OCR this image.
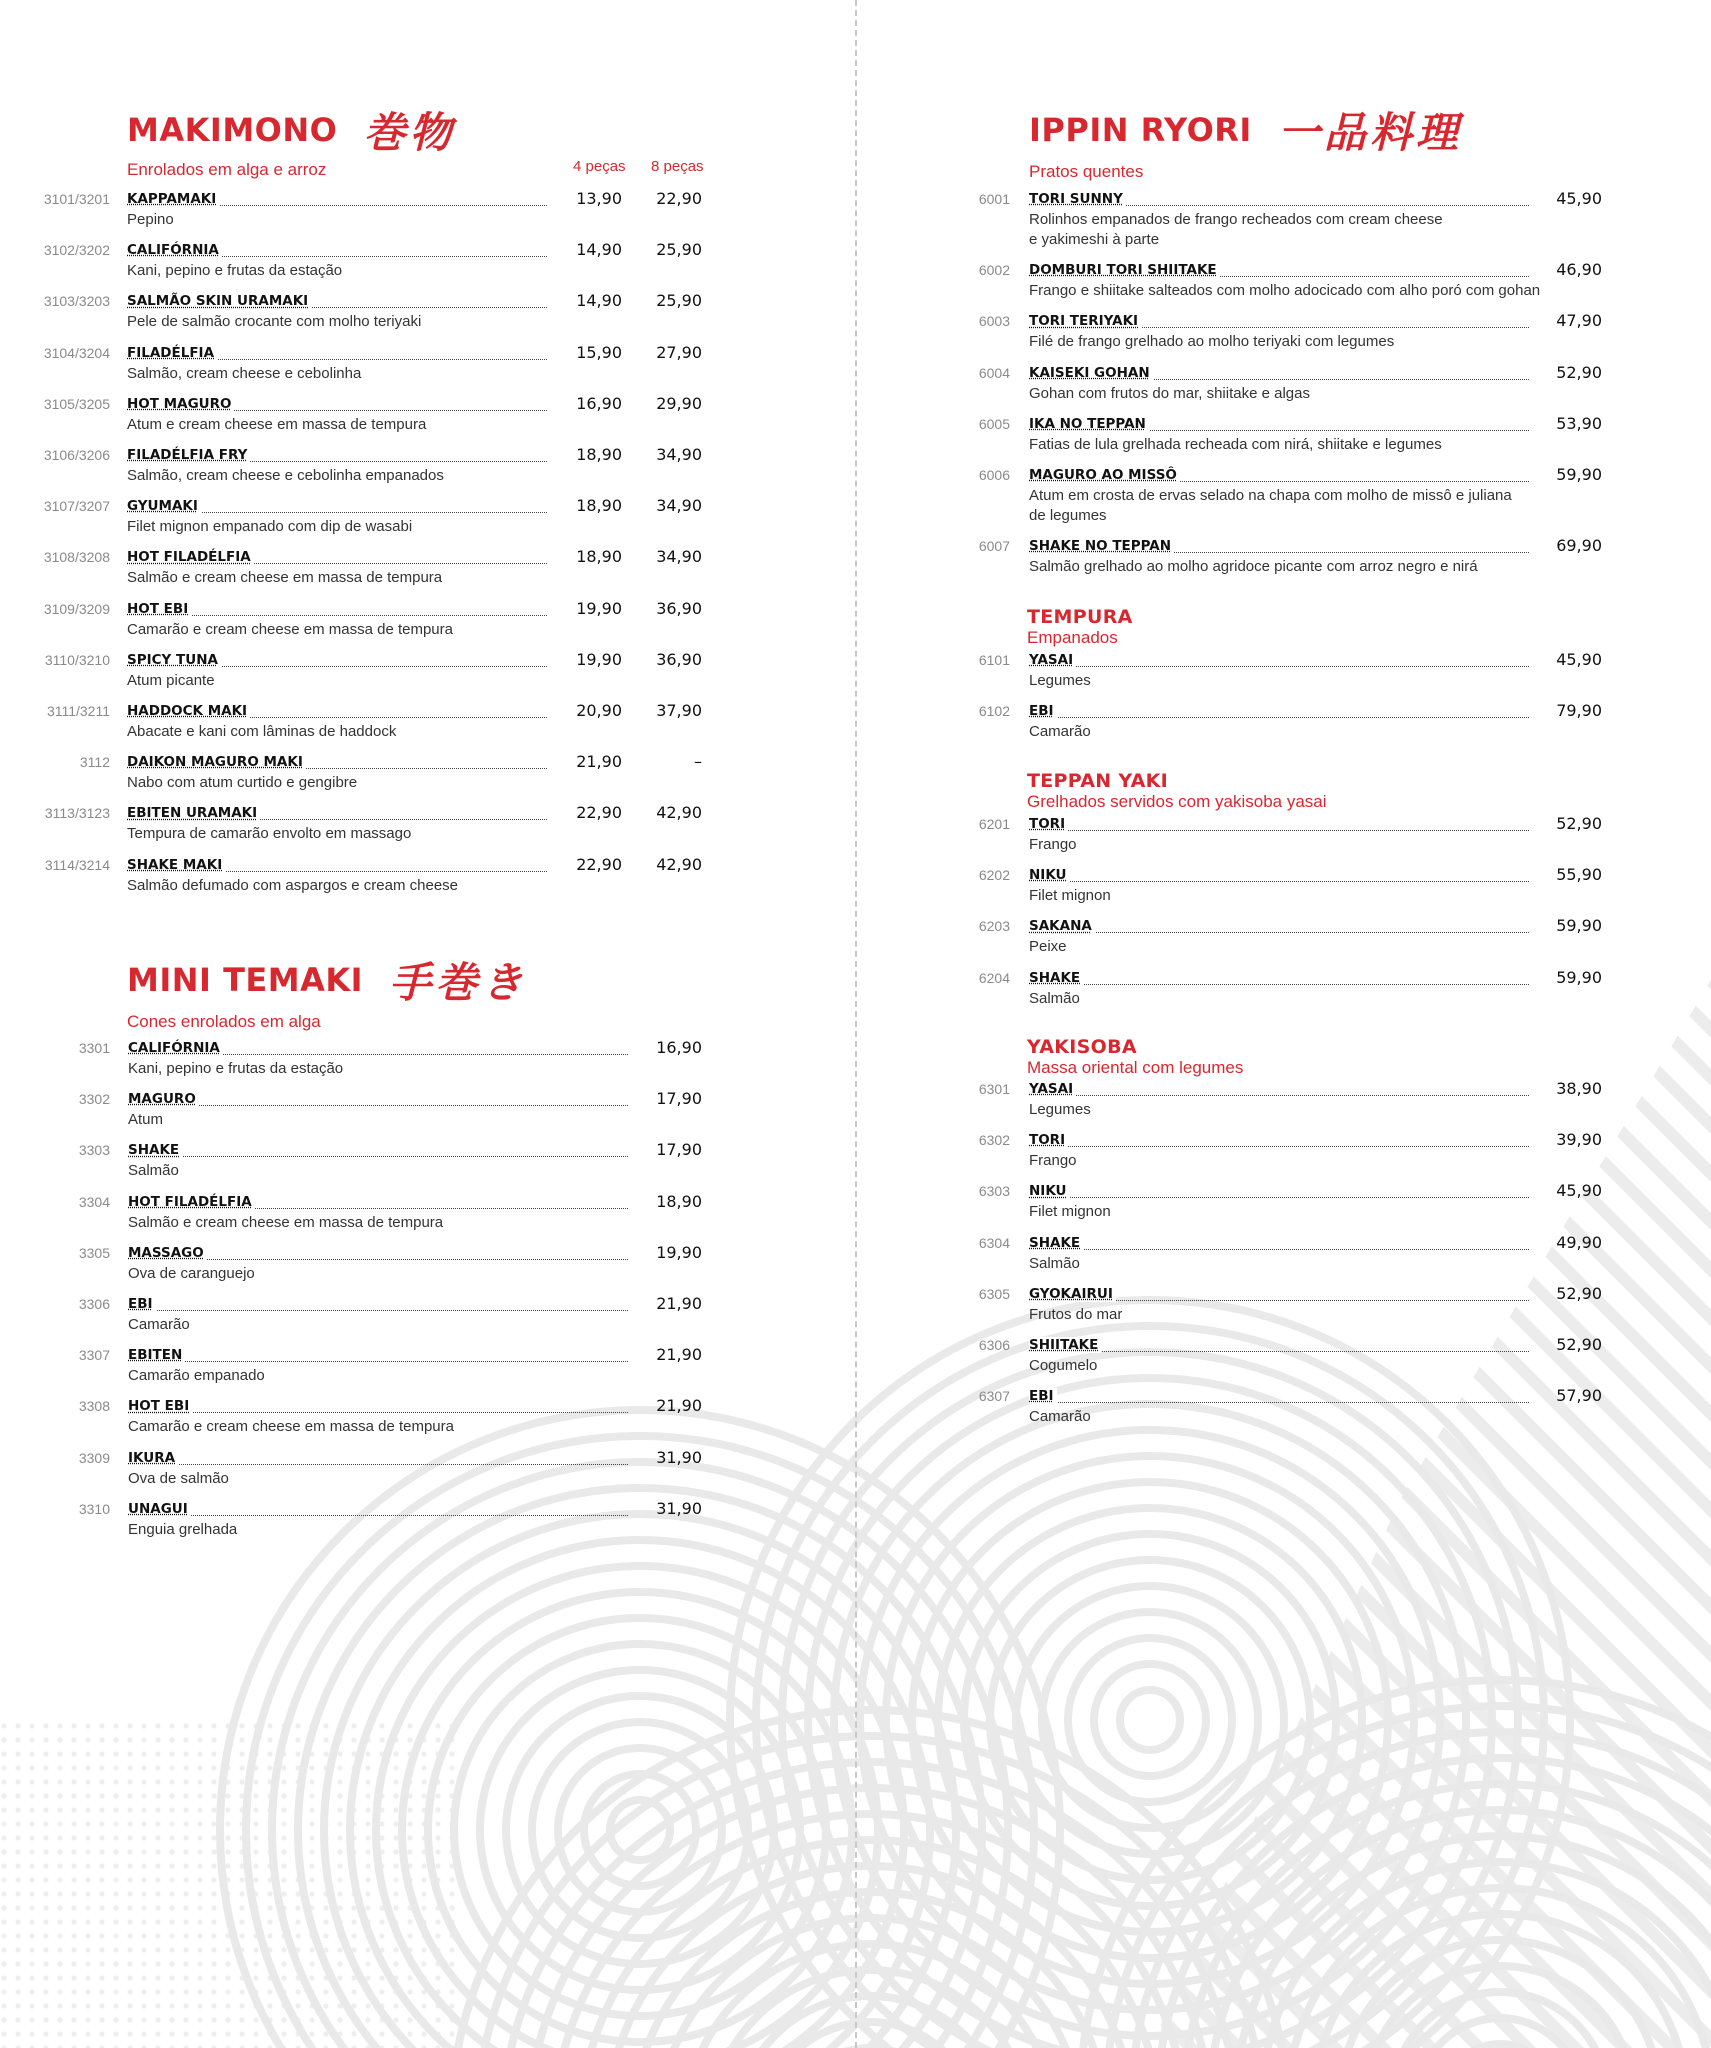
MAKIMONO 巻物
Enrolados em alga e arroz	4 peças 8 peças
3101/3201 KAPPAMAKI
Pepino
13,90	22,90
3102/3202 CALIFÓRNIA
Kani, pepino e frutas da estação
14,90	25,90
3103/3203 SALMÃO SKIN URAMAKI
Pele de salmão crocante com molho teriyaki
14,90	25,90
3104/3204 FILADÉLFIA
Salmão, cream cheese e cebolinha
15,90	27,90
3105/3205 HOT MAGURO
Atum e cream cheese em massa de tempura
16,90	29,90
3106/3206 FILADÉLFIA FRY
Salmão, cream cheese e cebolinha empanados
18,90	34,90
3107/3207 GYUMAKI
Filet mignon empanado com dip de wasabi
18,90	34,90
3108/3208 HOT FILADÉLFIA
Salmão e cream cheese em massa de tempura
18,90	34,90
3109/3209 HOT EBI
Camarão e cream cheese em massa de tempura
19,90	36,90
3110/3210 SPICY TUNA
Atum picante
19,90	36,90
3111/3211 HADDOCK MAKI
Abacate e kani com lâminas de haddock
20,90	37,90
3112 DAIKON MAGURO MAKI
Nabo com atum curtido e gengibre
21,90	–
3113/3123 EBITEN URAMAKI
Tempura de camarão envolto em massago
22,90	42,90
3114/3214 SHAKE MAKI
Salmão defumado com aspargos e cream cheese
22,90	42,90
MINI TEMAKI 手巻き
Cones enrolados em alga
3301 CALIFÓRNIA
Kani, pepino e frutas da estação
16,90
3302 MAGURO
Atum
17,90
3303 SHAKE
Salmão
17,90
3304 HOT FILADÉLFIA
Salmão e cream cheese em massa de tempura
18,90
3305 MASSAGO
Ova de caranguejo
19,90
3306 EBI
Camarão
21,90
3307 EBITEN
Camarão empanado
21,90
3308 HOT EBI
Camarão e cream cheese em massa de tempura
21,90
3309 IKURA
Ova de salmão
31,90
3310 UNAGUI
Enguia grelhada
31,90
IPPIN RYORI 一品料理
Pratos quentes
6001 TORI SUNNY
Rolinhos empanados de frango recheados com cream cheese
e yakimeshi à parte
45,90
6002 DOMBURI TORI SHIITAKE
Frango e shiitake salteados com molho adocicado com alho poró com gohan
46,90
6003 TORI TERIYAKI
Filé de frango grelhado ao molho teriyaki com legumes
47,90
6004 KAISEKI GOHAN
Gohan com frutos do mar, shiitake e algas
52,90
6005 IKA NO TEPPAN
Fatias de lula grelhada recheada com nirá, shiitake e legumes
53,90
6006 MAGURO AO MISSÔ
Atum em crosta de ervas selado na chapa com molho de missô e juliana
de legumes
59,90
6007 SHAKE NO TEPPAN
Salmão grelhado ao molho agridoce picante com arroz negro e nirá
69,90
TEMPURA
Empanados
6101 YASAI
Legumes
45,90
6102 EBI
Camarão
79,90
TEPPAN YAKI
Grelhados servidos com yakisoba yasai
6201 TORI
Frango
52,90
6202 NIKU
Filet mignon
55,90
6203 SAKANA
Peixe
59,90
6204 SHAKE
Salmão
59,90
YAKISOBA
Massa oriental com legumes
6301 YASAI
Legumes
38,90
6302 TORI
Frango
39,90
6303 NIKU
Filet mignon
45,90
6304 SHAKE
Salmão
49,90
6305 GYOKAIRUI
Frutos do mar
52,90
6306 SHIITAKE
Cogumelo
52,90
6307 EBI
Camarão
57,90
